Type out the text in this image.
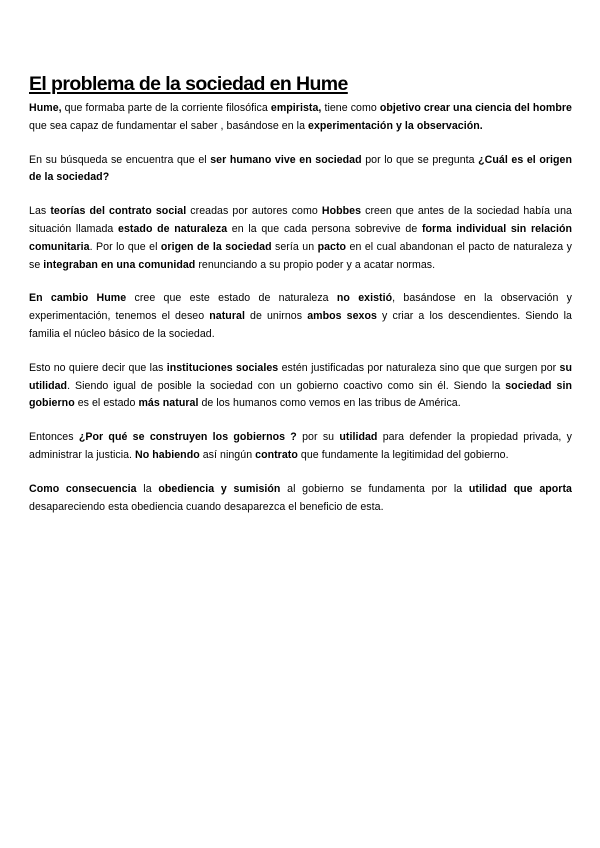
El problema de la sociedad en Hume

Hume, que formaba parte de la corriente filosófica empirista, tiene como objetivo crear una ciencia del hombre que sea capaz de fundamentar el saber , basándose en la experimentación y la observación.

En su búsqueda se encuentra que el ser humano vive en sociedad por lo que se pregunta ¿Cuál es el origen de la sociedad?

Las teorías del contrato social creadas por autores como Hobbes creen que antes de la sociedad había una situación llamada estado de naturaleza en la que cada persona sobrevive de forma individual sin relación comunitaria. Por lo que el origen de la sociedad sería un pacto en el cual abandonan el pacto de naturaleza y se integraban en una comunidad renunciando a su propio poder y a acatar normas.

En cambio Hume cree que este estado de naturaleza no existió, basándose en la observación y experimentación, tenemos el deseo natural de unirnos ambos sexos y criar a los descendientes. Siendo la familia el núcleo básico de la sociedad.

Esto no quiere decir que las instituciones sociales estén justificadas por naturaleza sino que que surgen por su utilidad. Siendo igual de posible la sociedad con un gobierno coactivo como sin él. Siendo la sociedad sin gobierno es el estado más natural de los humanos como vemos en las tribus de América.

Entonces ¿Por qué se construyen los gobiernos ? por su utilidad para defender la propiedad privada, y administrar la justicia. No habiendo así ningún contrato que fundamente la legitimidad del gobierno.

Como consecuencia la obediencia y sumisión al gobierno se fundamenta por la utilidad que aporta desapareciendo esta obediencia cuando desaparezca el beneficio de esta.
